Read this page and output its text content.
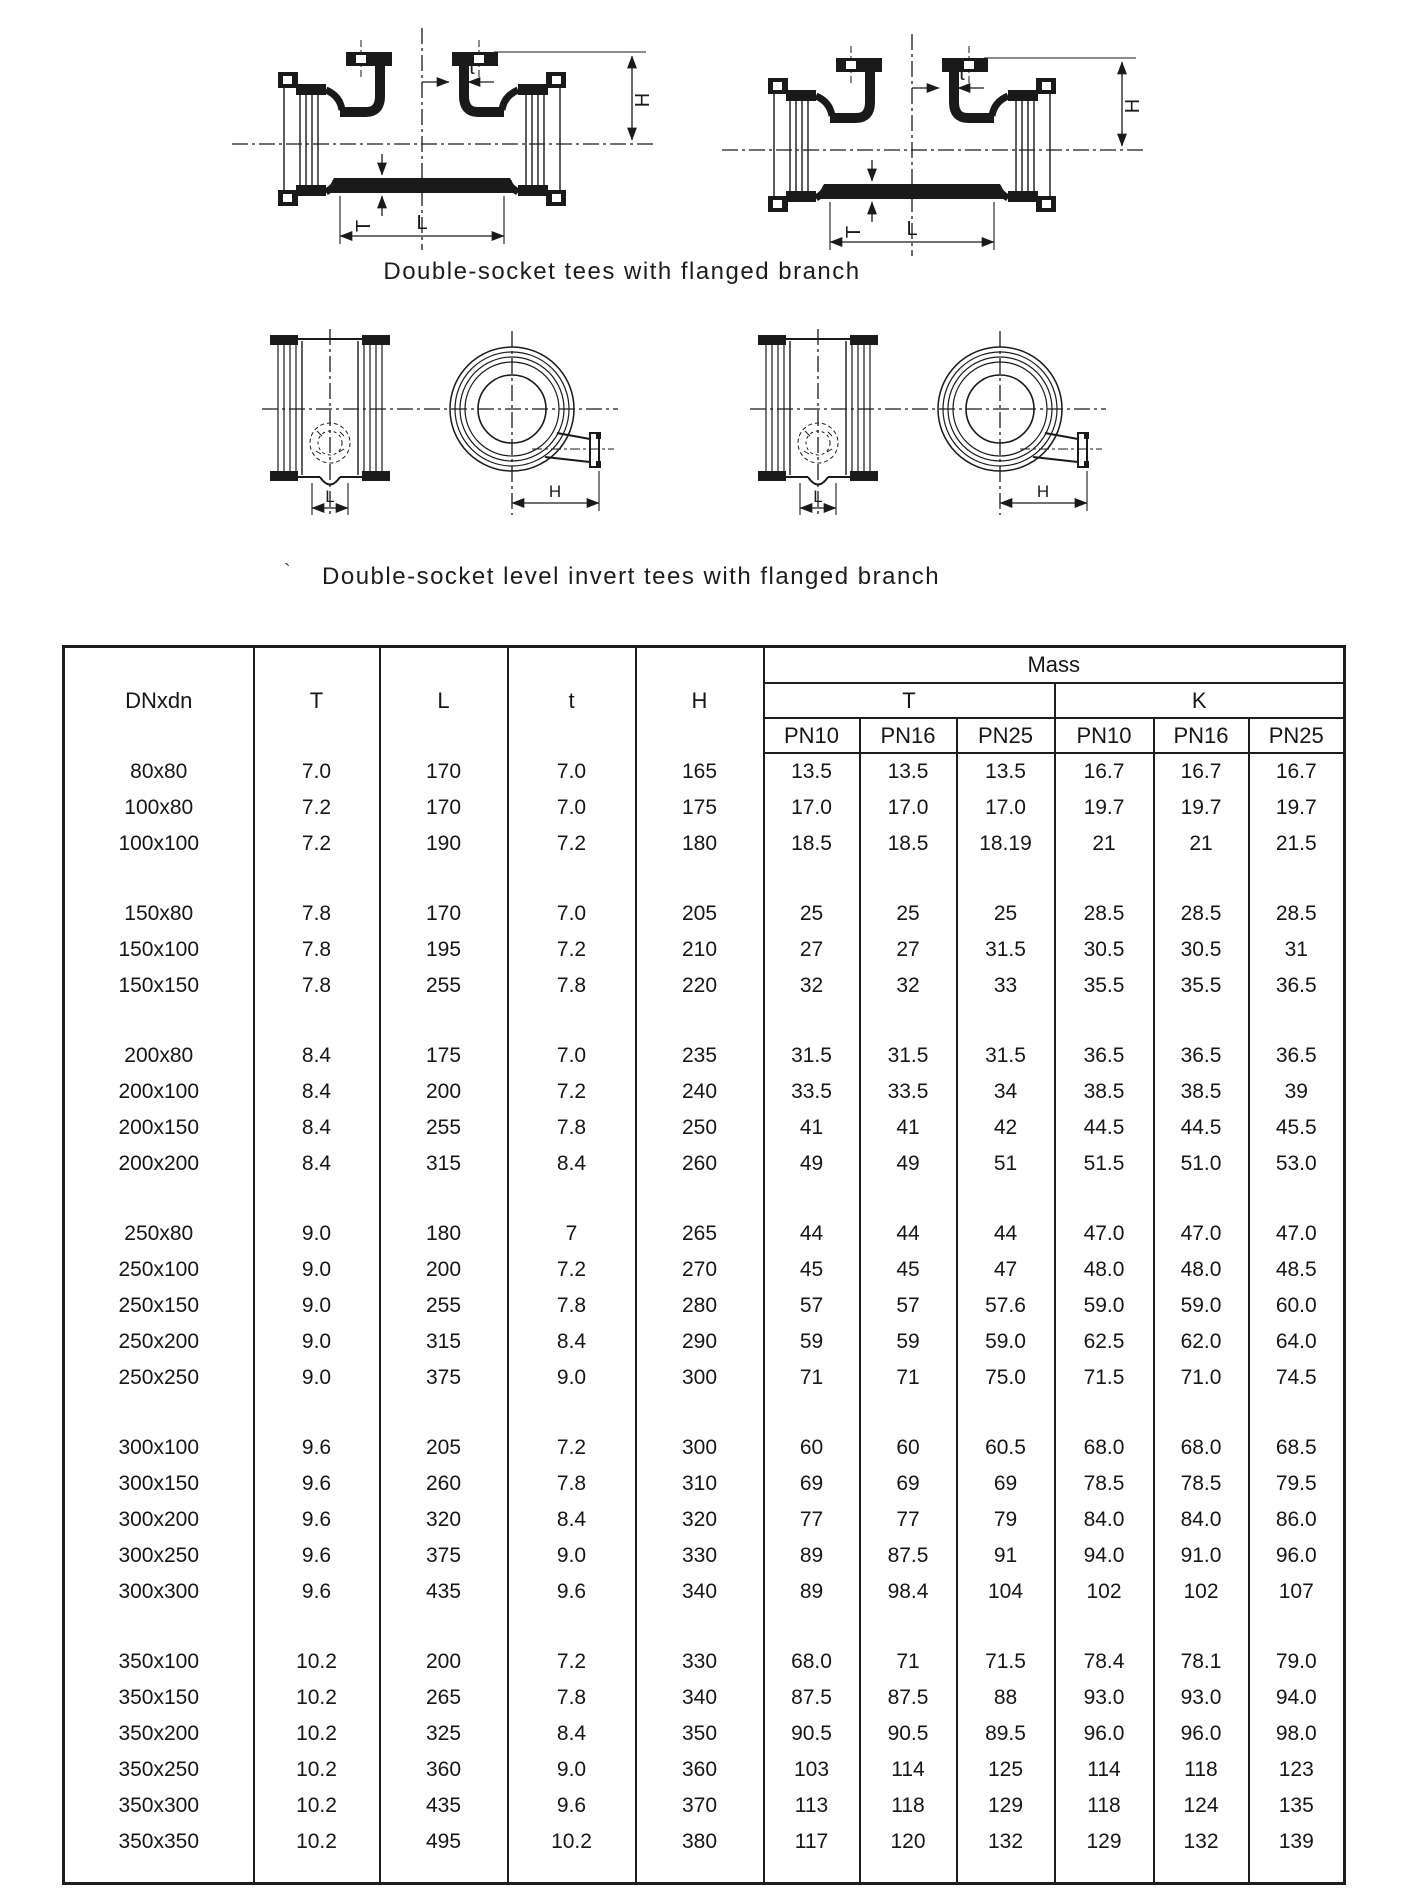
Double-socket tees with flanged branch
` Double-socket level invert tees with flanged branch
DNxdn	T	L	t	H	Mass					
					T			K		
					PN10	PN16	PN25	PN10	PN16	PN25
80x80	7.0	170	7.0	165	13.5	13.5	13.5	16.7	16.7	16.7
100x80	7.2	170	7.0	175	17.0	17.0	17.0	19.7	19.7	19.7
100x100	7.2	190	7.2	180	18.5	18.5	18.19	21	21	21.5

150x80	7.8	170	7.0	205	25	25	25	28.5	28.5	28.5
150x100	7.8	195	7.2	210	27	27	31.5	30.5	30.5	31
150x150	7.8	255	7.8	220	32	32	33	35.5	35.5	36.5

200x80	8.4	175	7.0	235	31.5	31.5	31.5	36.5	36.5	36.5
200x100	8.4	200	7.2	240	33.5	33.5	34	38.5	38.5	39
200x150	8.4	255	7.8	250	41	41	42	44.5	44.5	45.5
200x200	8.4	315	8.4	260	49	49	51	51.5	51.0	53.0

250x80	9.0	180	7	265	44	44	44	47.0	47.0	47.0
250x100	9.0	200	7.2	270	45	45	47	48.0	48.0	48.5
250x150	9.0	255	7.8	280	57	57	57.6	59.0	59.0	60.0
250x200	9.0	315	8.4	290	59	59	59.0	62.5	62.0	64.0
250x250	9.0	375	9.0	300	71	71	75.0	71.5	71.0	74.5

300x100	9.6	205	7.2	300	60	60	60.5	68.0	68.0	68.5
300x150	9.6	260	7.8	310	69	69	69	78.5	78.5	79.5
300x200	9.6	320	8.4	320	77	77	79	84.0	84.0	86.0
300x250	9.6	375	9.0	330	89	87.5	91	94.0	91.0	96.0
300x300	9.6	435	9.6	340	89	98.4	104	102	102	107

350x100	10.2	200	7.2	330	68.0	71	71.5	78.4	78.1	79.0
350x150	10.2	265	7.8	340	87.5	87.5	88	93.0	93.0	94.0
350x200	10.2	325	8.4	350	90.5	90.5	89.5	96.0	96.0	98.0
350x250	10.2	360	9.0	360	103	114	125	114	118	123
350x300	10.2	435	9.6	370	113	118	129	118	124	135
350x350	10.2	495	10.2	380	117	120	132	129	132	139
